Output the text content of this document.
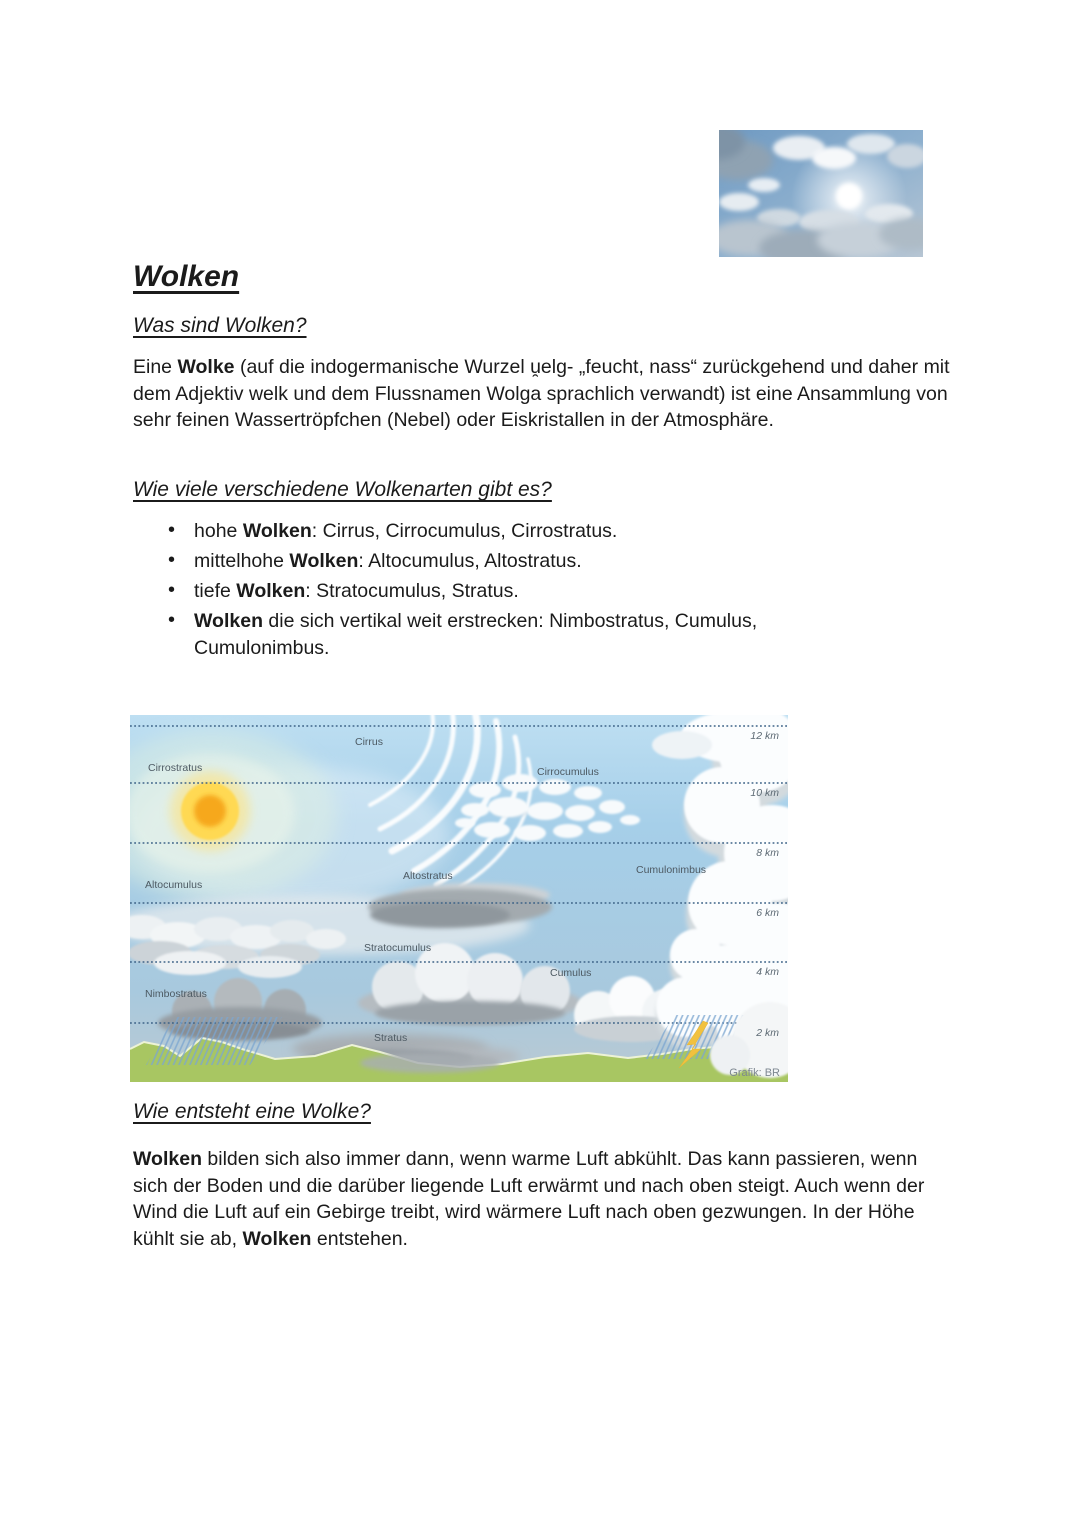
Wolken
Was sind Wolken?

Eine Wolke (auf die indogermanische Wurzel u̯elg- „feucht, nass“ zurückgehend und daher mit dem Adjektiv welk und dem Flussnamen Wolga sprachlich verwandt) ist eine Ansammlung von sehr feinen Wassertröpfchen (Nebel) oder Eiskristallen in der Atmosphäre.

Wie viele verschiedene Wolkenarten gibt es?
• hohe Wolken: Cirrus, Cirrocumulus, Cirrostratus.
• mittelhohe Wolken: Altocumulus, Altostratus.
• tiefe Wolken: Stratocumulus, Stratus.
• Wolken die sich vertikal weit erstrecken: Nimbostratus, Cumulus, Cumulonimbus.
Cirrus
Cirrostratus	Cirrocumulus
Altostratus	Cumulonimbus
Altocumulus
Stratocumulus
Cumulus
Nimbostratus
Stratus
12 km
10 km
8 km
6 km
4 km
2 km
Grafik: BR
Wie entsteht eine Wolke?

Wolken bilden sich also immer dann, wenn warme Luft abkühlt. Das kann passieren, wenn sich der Boden und die darüber liegende Luft erwärmt und nach oben steigt. Auch wenn der Wind die Luft auf ein Gebirge treibt, wird wärmere Luft nach oben gezwungen. In der Höhe kühlt sie ab, Wolken entstehen.
